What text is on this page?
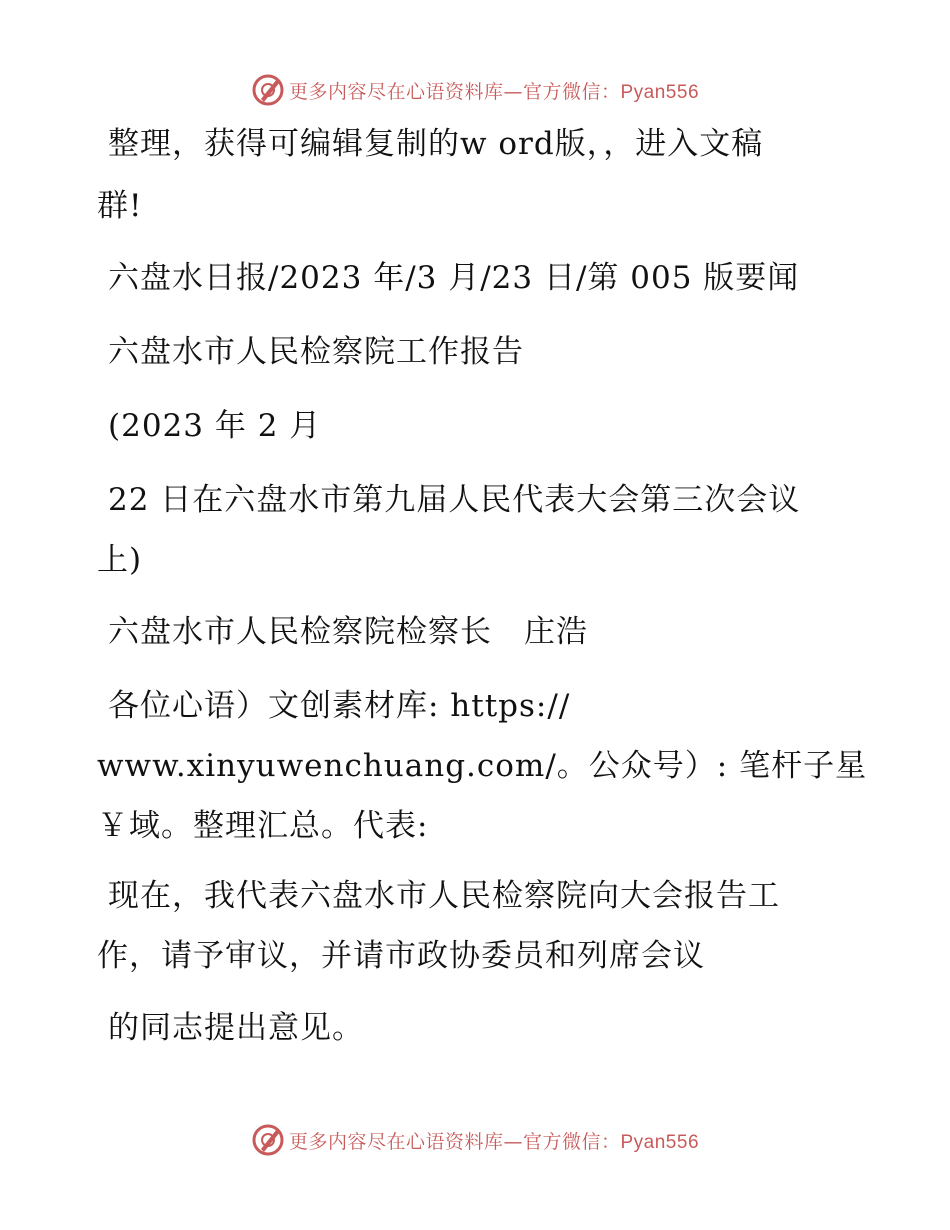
更多内容尽在心语资料库—官方微信：Pyan556
整理，获得可编辑复制的w ord版，，进入文稿
群!
六盘水日报/2023 年/3 月/23 日/第 005 版要闻
六盘水市人民检察院工作报告
(2023 年 2 月
22 日在六盘水市第九届人民代表大会第三次会议
上)
六盘水市人民检察院检察长　庄浩
各位心语）文创素材库: https://
www.xinyuwenchuang.com/。公众号）: 笔杆子星
￥域。整理汇总。代表:
现在，我代表六盘水市人民检察院向大会报告工
作，请予审议，并请市政协委员和列席会议
的同志提出意见。
更多内容尽在心语资料库—官方微信：Pyan556
